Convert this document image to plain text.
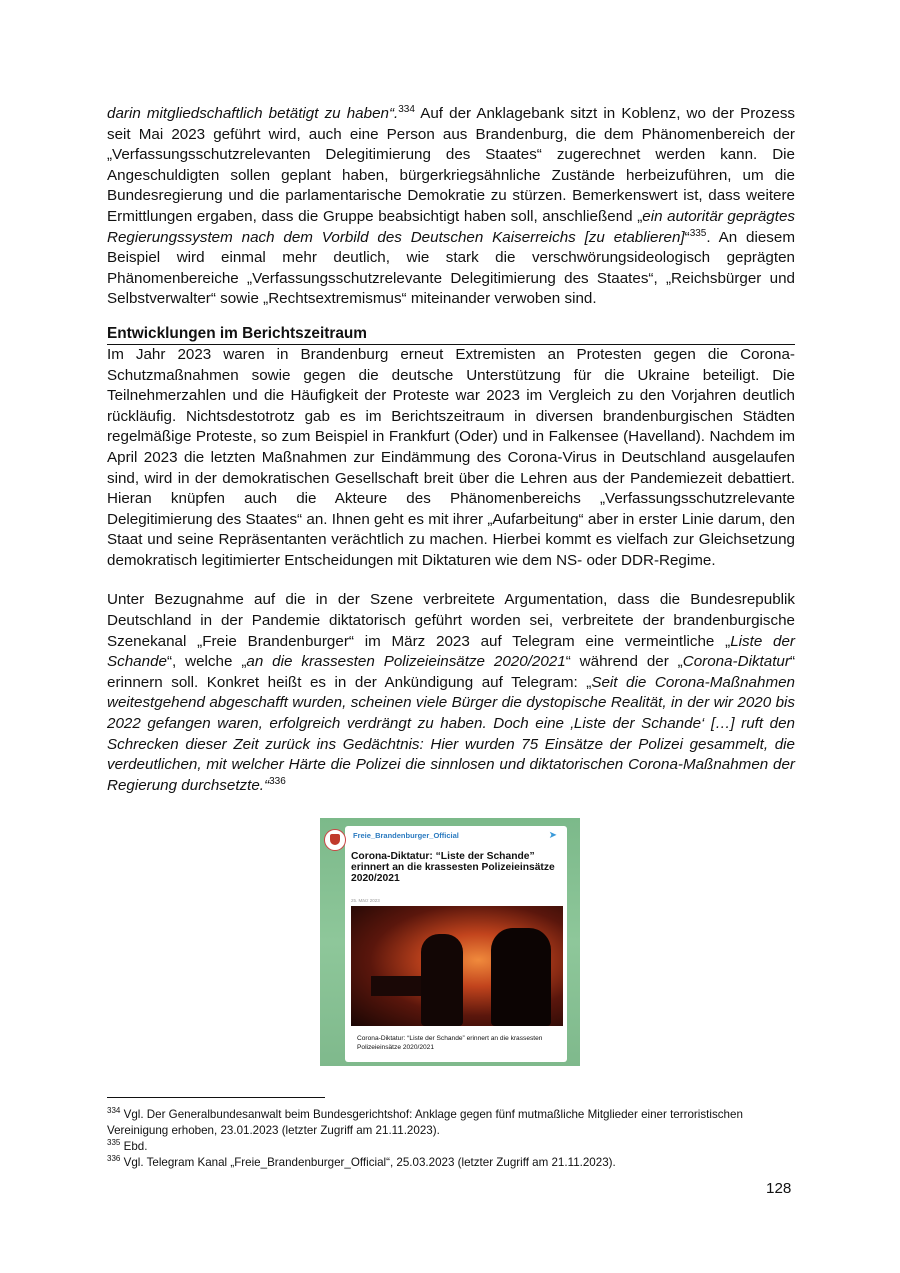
darin mitgliedschaftlich betätigt zu haben“.$^{334}$ Auf der Anklagebank sitzt in Koblenz, wo der Prozess seit Mai 2023 geführt wird, auch eine Person aus Brandenburg, die dem Phänomenbereich der „Verfassungsschutzrelevanten Delegitimierung des Staates“ zugerechnet werden kann. Die Angeschuldigten sollen geplant haben, bürgerkriegsähnliche Zustände herbeizuführen, um die Bundesregierung und die parlamentarische Demokratie zu stürzen. Bemerkenswert ist, dass weitere Ermittlungen ergaben, dass die Gruppe beabsichtigt haben soll, anschließend „ein autoritär geprägtes Regierungssystem nach dem Vorbild des Deutschen Kaiserreichs [zu etablieren]“$^{335}$. An diesem Beispiel wird einmal mehr deutlich, wie stark die verschwörungsideologisch geprägten Phänomenbereiche „Verfassungsschutzrelevante Delegitimierung des Staates“, „Reichsbürger und Selbstverwalter“ sowie „Rechtsextremismus“ miteinander verwoben sind.

Entwicklungen im Berichtszeitraum

Im Jahr 2023 waren in Brandenburg erneut Extremisten an Protesten gegen die Corona-Schutzmaßnahmen sowie gegen die deutsche Unterstützung für die Ukraine beteiligt. Die Teilnehmerzahlen und die Häufigkeit der Proteste war 2023 im Vergleich zu den Vorjahren deutlich rückläufig. Nichtsdestotrotz gab es im Berichtszeitraum in diversen brandenburgischen Städten regelmäßige Proteste, so zum Beispiel in Frankfurt (Oder) und in Falkensee (Havelland). Nachdem im April 2023 die letzten Maßnahmen zur Eindämmung des Corona-Virus in Deutschland ausgelaufen sind, wird in der demokratischen Gesellschaft breit über die Lehren aus der Pandemiezeit debattiert. Hieran knüpfen auch die Akteure des Phänomenbereichs „Verfassungsschutzrelevante Delegitimierung des Staates“ an. Ihnen geht es mit ihrer „Aufarbeitung“ aber in erster Linie darum, den Staat und seine Repräsentanten verächtlich zu machen. Hierbei kommt es vielfach zur Gleichsetzung demokratisch legitimierter Entscheidungen mit Diktaturen wie dem NS- oder DDR-Regime.

Unter Bezugnahme auf die in der Szene verbreitete Argumentation, dass die Bundesrepublik Deutschland in der Pandemie diktatorisch geführt worden sei, verbreitete der brandenburgische Szenekanal „Freie Brandenburger“ im März 2023 auf Telegram eine vermeintliche „Liste der Schande“, welche „an die krassesten Polizeieinsätze 2020/2021“ während der „Corona-Diktatur“ erinnern soll. Konkret heißt es in der Ankündigung auf Telegram: „Seit die Corona-Maßnahmen weitestgehend abgeschafft wurden, scheinen viele Bürger die dystopische Realität, in der wir 2020 bis 2022 gefangen waren, erfolgreich verdrängt zu haben. Doch eine ‚Liste der Schande‘ […] ruft den Schrecken dieser Zeit zurück ins Gedächtnis: Hier wurden 75 Einsätze der Polizei gesammelt, die verdeutlichen, mit welcher Härte die Polizei die sinnlosen und diktatorischen Corona-Maßnahmen der Regierung durchsetzte.“$^{336}$

Freie_Brandenburger_Official	➤
Corona-Diktatur: “Liste der Schande” erinnert an die krassesten Polizeieinsätze 2020/2021
25. März 2023
Corona-Diktatur: “Liste der Schande” erinnert an die krassesten Polizeieinsätze 2020/2021
$^{334}$ Vgl. Der Generalbundesanwalt beim Bundesgerichtshof: Anklage gegen fünf mutmaßliche Mitglieder einer terroristischen Vereinigung erhoben, 23.01.2023 (letzter Zugriff am 21.11.2023).
$^{335}$ Ebd.
$^{336}$ Vgl. Telegram Kanal „Freie_Brandenburger_Official“, 25.03.2023 (letzter Zugriff am 21.11.2023).
128
